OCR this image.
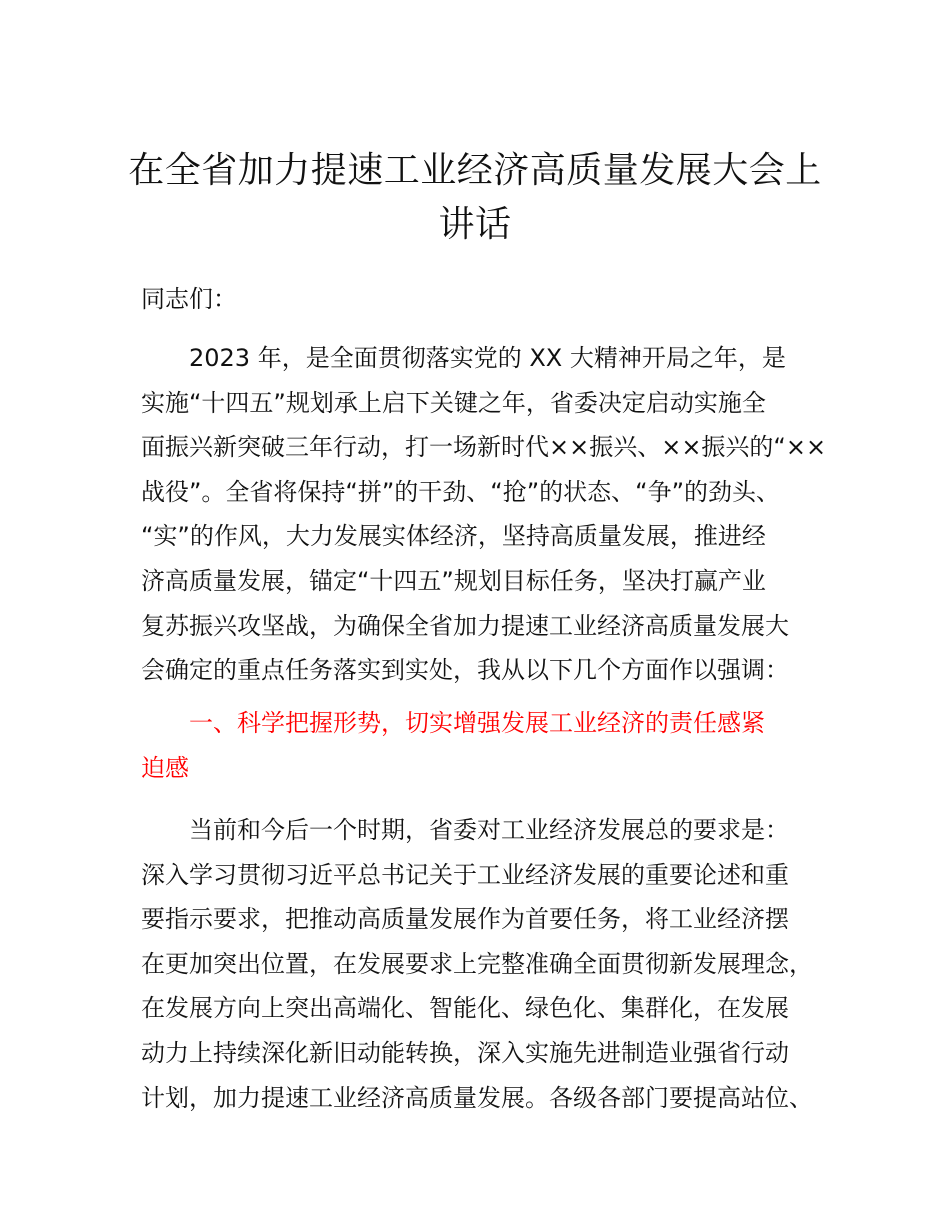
在全省加力提速工业经济高质量发展大会上
讲话
同志们：
2023 年，是全面贯彻落实党的 XX 大精神开局之年，是
实施“十四五”规划承上启下关键之年，省委决定启动实施全
面振兴新突破三年行动，打一场新时代××振兴、××振兴的“××
战役”。全省将保持“拼”的干劲、“抢”的状态、“争”的劲头、
“实”的作风，大力发展实体经济，坚持高质量发展，推进经
济高质量发展，锚定“十四五”规划目标任务，坚决打赢产业
复苏振兴攻坚战，为确保全省加力提速工业经济高质量发展大
会确定的重点任务落实到实处，我从以下几个方面作以强调：
一、科学把握形势，切实增强发展工业经济的责任感紧
迫感
当前和今后一个时期，省委对工业经济发展总的要求是：
深入学习贯彻习近平总书记关于工业经济发展的重要论述和重
要指示要求，把推动高质量发展作为首要任务，将工业经济摆
在更加突出位置，在发展要求上完整准确全面贯彻新发展理念，
在发展方向上突出高端化、智能化、绿色化、集群化，在发展
动力上持续深化新旧动能转换，深入实施先进制造业强省行动
计划，加力提速工业经济高质量发展。各级各部门要提高站位、
